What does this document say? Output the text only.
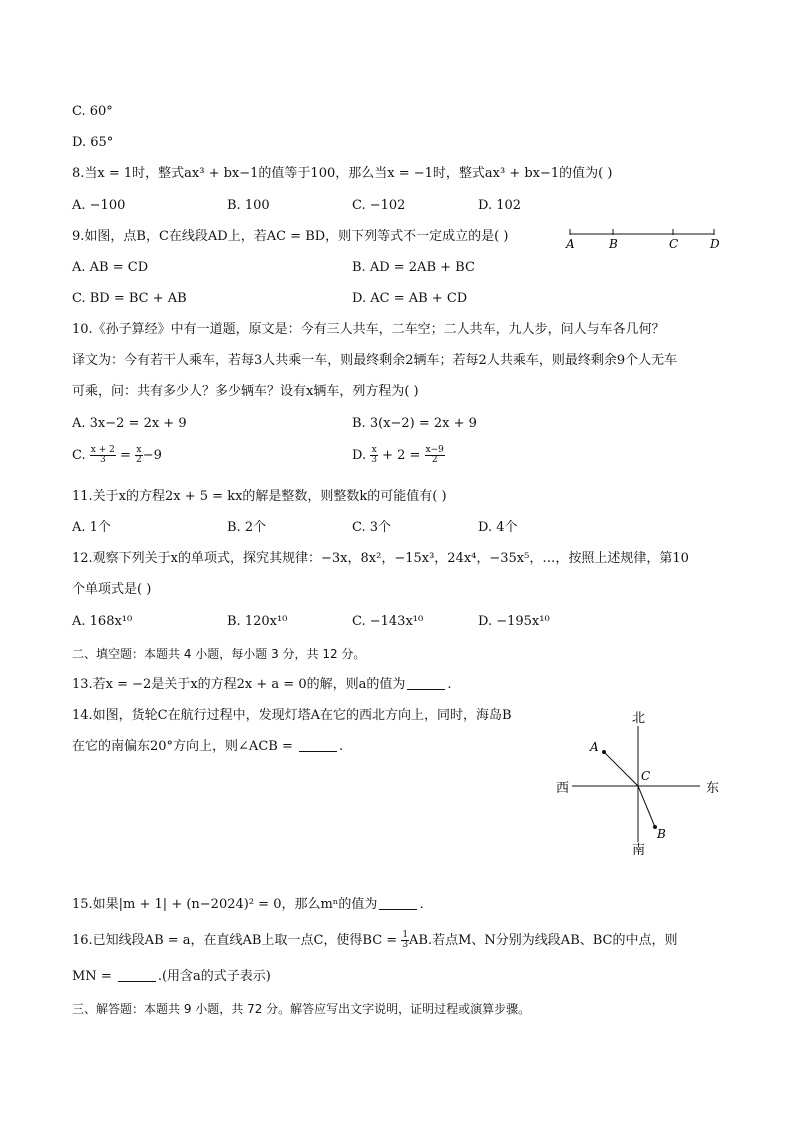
C. 60°
D. 65°
8.当x = 1时，整式ax³ + bx−1的值等于100，那么当x = −1时，整式ax³ + bx−1的值为( )
A. −100	B. 100	C. −102	D. 102
9.如图，点B，C在线段AD上，若AC = BD，则下列等式不一定成立的是( )	A	B	C	D
A. AB = CD	B. AD = 2AB + BC
C. BD = BC + AB	D. AC = AB + CD
10.《孙子算经》中有一道题，原文是：今有三人共车，二车空；二人共车，九人步，问人与车各几何？
译文为：今有若干人乘车，若每3人共乘一车，则最终剩余2辆车；若每2人共乘车，则最终剩余9个人无车
可乘，问：共有多少人？多少辆车？设有x辆车，列方程为( )
A. 3x−2 = 2x + 9	B. 3(x−2) = 2x + 9
C. $\frac{x + 2}{3} = \frac{x}{2} -9$	D. $\frac{x}{3} + 2 = \frac{x-9}{2}$
11.关于x的方程2x + 5 = kx的解是整数，则整数k的可能值有( )
A. 1个	B. 2个	C. 3个	D. 4个
12.观察下列关于x的单项式，探究其规律：−3x，8x²，−15x³，24x⁴，−35x⁵，…，按照上述规律，第10
个单项式是( )
A. 168x¹⁰	B. 120x¹⁰	C. −143x¹⁰	D. −195x¹⁰
二、填空题：本题共 4 小题，每小题 3 分，共 12 分。
13.若x = −2是关于x的方程2x + a = 0的解，则a的值为	.
14.如图，货轮C在航行过程中，发现灯塔A在它的西北方向上，同时，海岛B
在它的南偏东20°方向上，则∠ACB =	.
北
南
西	东
A
B
C
15.如果|m + 1| + (n−2024)² = 0，那么mⁿ的值为	.
16.已知线段AB = a，在直线AB上取一点C，使得BC = $\frac{1}{3}$ AB.若点M、N分别为线段AB、BC的中点，则
MN =	.(用含a的式子表示)
三、解答题：本题共 9 小题，共 72 分。解答应写出文字说明，证明过程或演算步骤。
